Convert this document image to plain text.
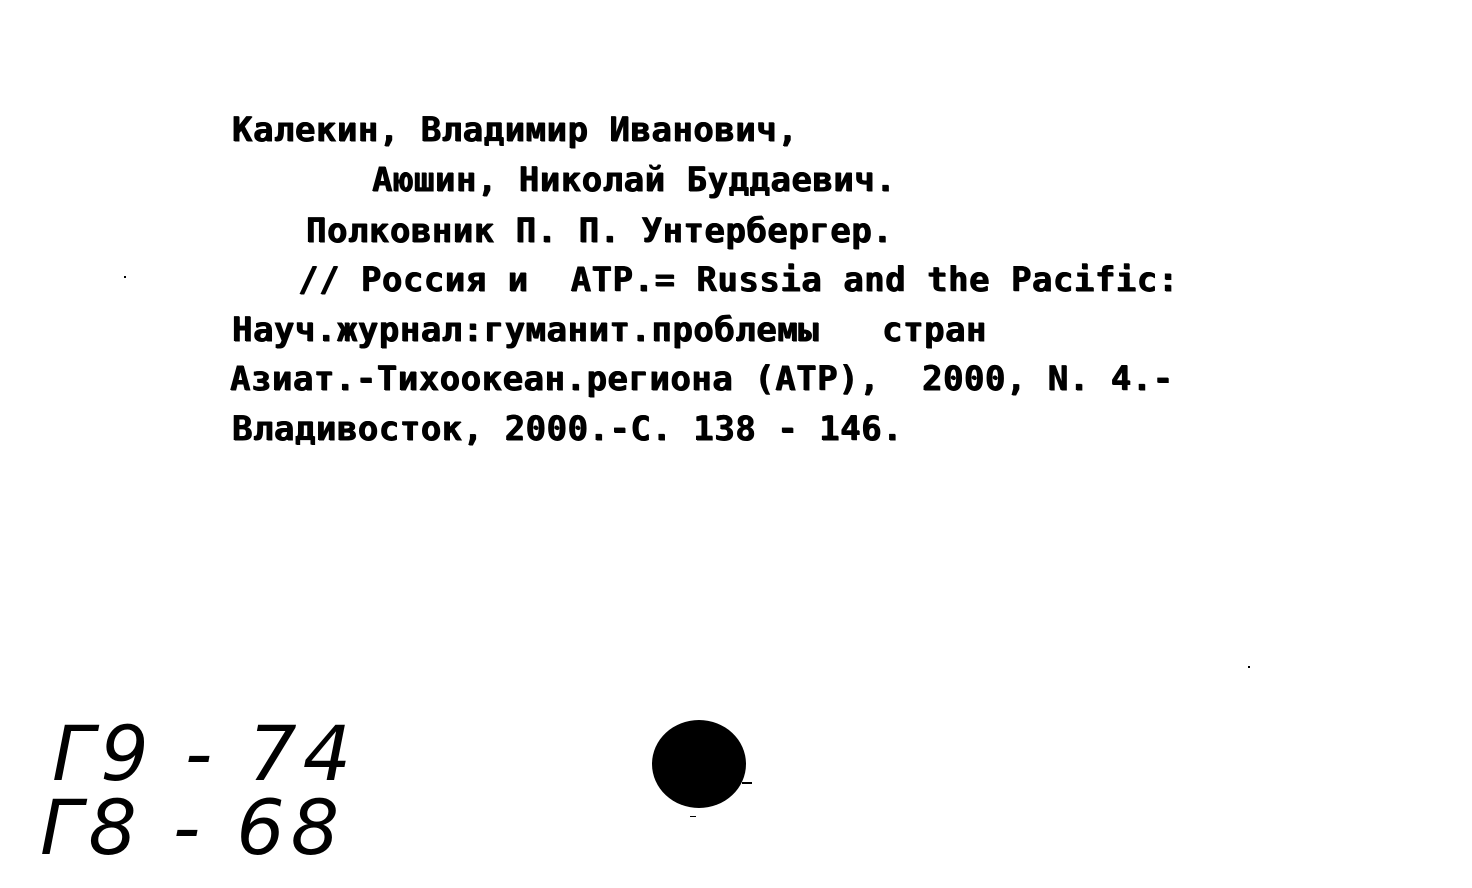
Калекин, Владимир Иванович,
Аюшин, Николай Буддаевич.
Полковник П. П. Унтербергер.
// Россия и  АТР.= Russia and the Pacific:
Науч.журнал:гуманит.проблемы   стран
Азиат.-Тихоокеан.региона (АТР),  2000, N. 4.-
Владивосток, 2000.-С. 138 - 146.
Г9 - 74
Г8 - 68
